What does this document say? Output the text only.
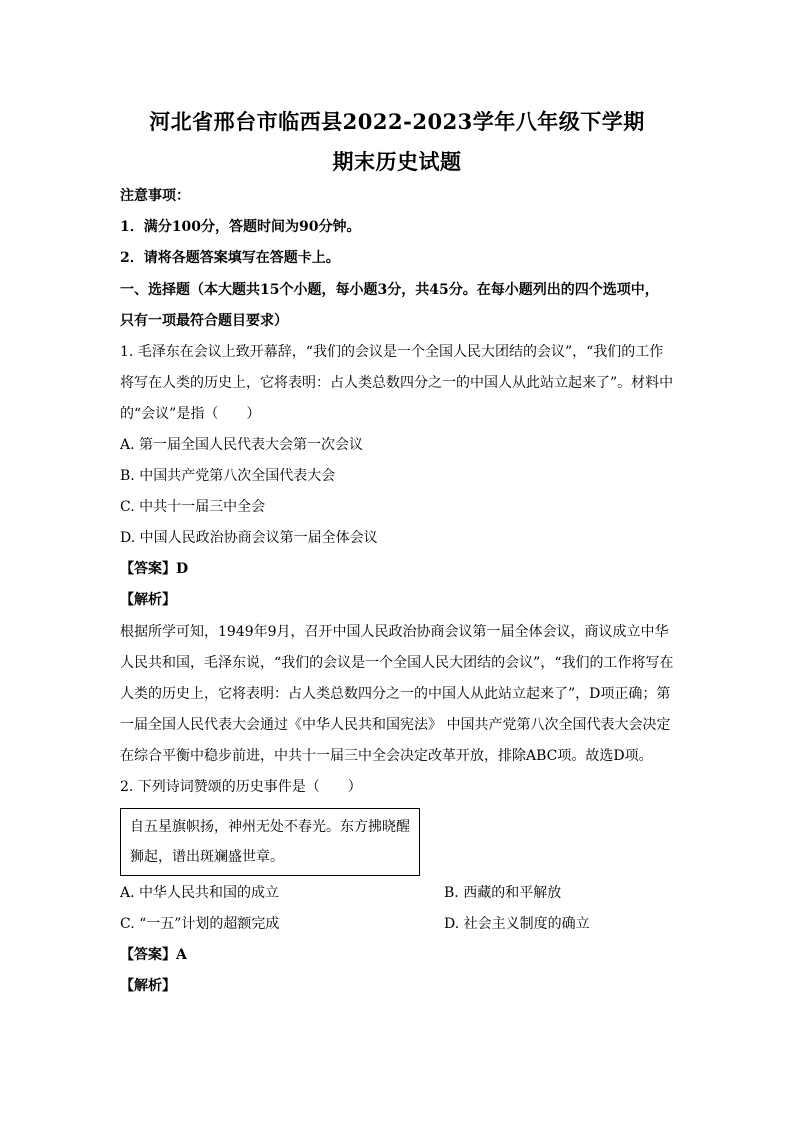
河北省邢台市临西县2022-2023学年八年级下学期
期末历史试题
注意事项：
1．满分100分，答题时间为90分钟。
2．请将各题答案填写在答题卡上。
一、选择题（本大题共15个小题，每小题3分，共45分。在每小题列出的四个选项中，
只有一项最符合题目要求）
1. 毛泽东在会议上致开幕辞，“我们的会议是一个全国人民大团结的会议”，“我们的工作
将写在人类的历史上，它将表明：占人类总数四分之一的中国人从此站立起来了”。材料中
的“会议”是指（　　）
A. 第一届全国人民代表大会第一次会议
B. 中国共产党第八次全国代表大会
C. 中共十一届三中全会
D. 中国人民政治协商会议第一届全体会议
【答案】D
【解析】
根据所学可知，1949年9月，召开中国人民政治协商会议第一届全体会议，商议成立中华
人民共和国，毛泽东说，“我们的会议是一个全国人民大团结的会议”，“我们的工作将写在
人类的历史上，它将表明：占人类总数四分之一的中国人从此站立起来了”，D项正确；第
一届全国人民代表大会通过《中华人民共和国宪法》 中国共产党第八次全国代表大会决定
在综合平衡中稳步前进，中共十一届三中全会决定改革开放，排除ABC项。故选D项。
2. 下列诗词赞颂的历史事件是（　　）
自五星旗帜扬，神州无处不春光。东方拂晓醒
狮起，谱出斑斓盛世章。
A. 中华人民共和国的成立	B. 西藏的和平解放
C. “一五”计划的超额完成	D. 社会主义制度的确立
【答案】A
【解析】
